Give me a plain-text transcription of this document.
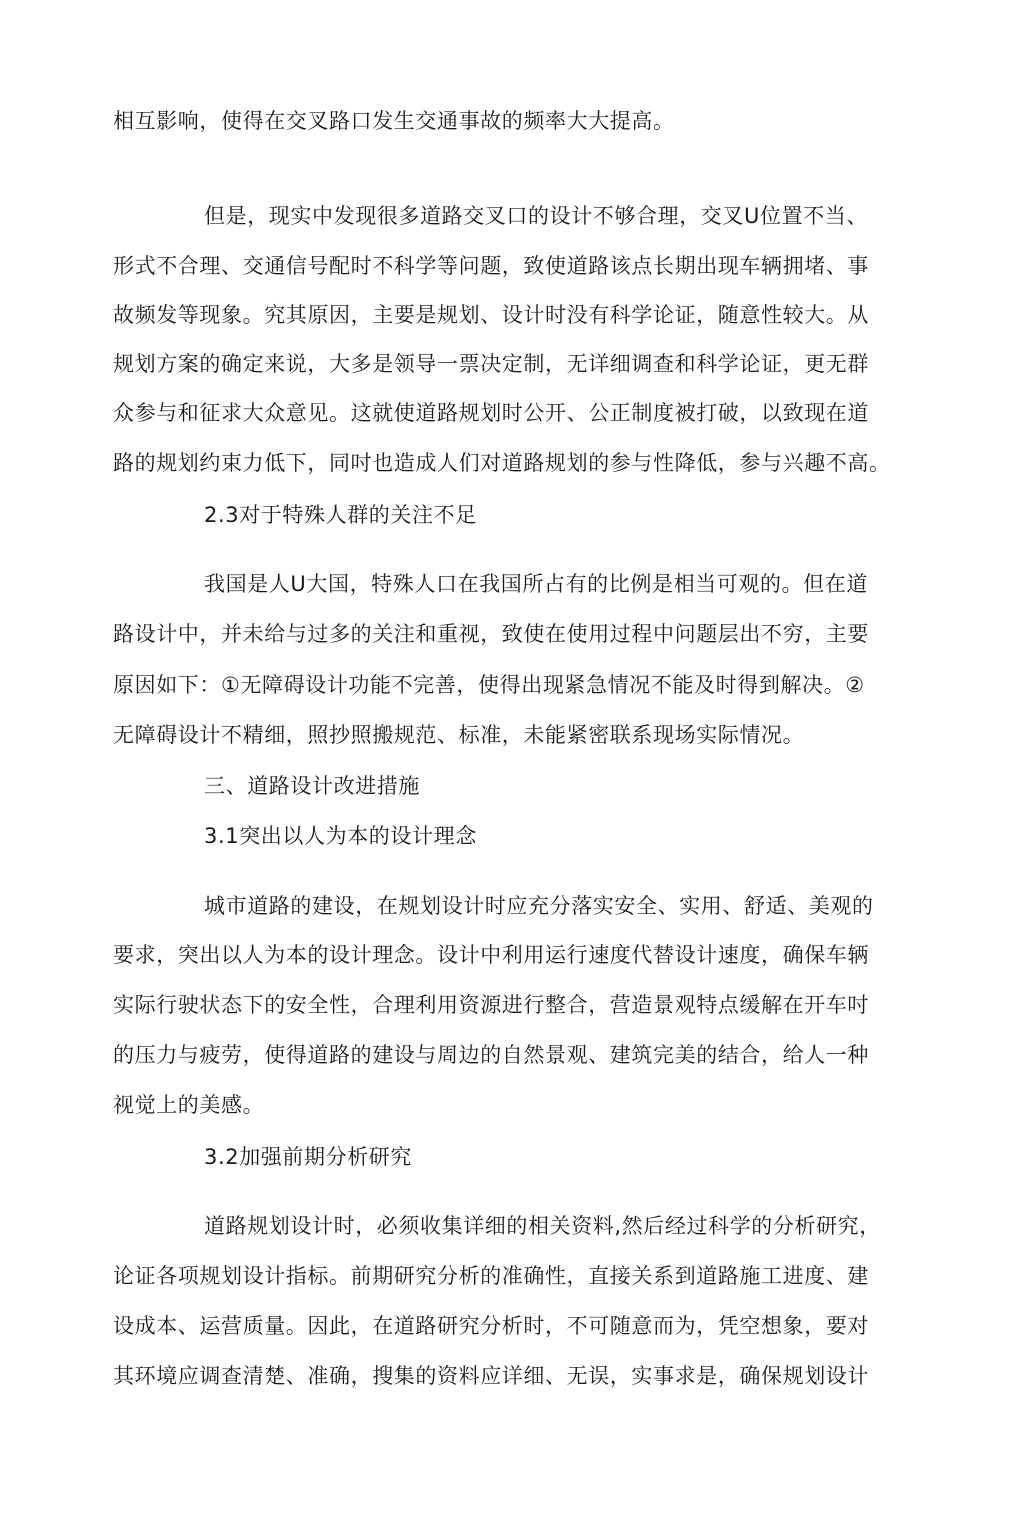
相互影响，使得在交叉路口发生交通事故的频率大大提高。
但是，现实中发现很多道路交叉口的设计不够合理，交叉U位置不当、
形式不合理、交通信号配时不科学等问题，致使道路该点长期出现车辆拥堵、事
故频发等现象。究其原因，主要是规划、设计时没有科学论证，随意性较大。从
规划方案的确定来说，大多是领导一票决定制，无详细调查和科学论证，更无群
众参与和征求大众意见。这就使道路规划时公开、公正制度被打破，以致现在道
路的规划约束力低下，同吋也造成人们对道路规划的参与性降低，参与兴趣不高。
2.3对于特殊人群的关注不足
我国是人U大国，特殊人口在我国所占有的比例是相当可观的。但在道
路设计中，并未给与过多的关注和重视，致使在使用过程中问题层出不穷，主要
原因如下：①无障碍设计功能不完善，使得出现紧急情况不能及时得到解决。②
无障碍设计不精细，照抄照搬规范、标准，未能紧密联系现场实际情况。
三、道路设计改进措施
3.1突出以人为本的设计理念
城市道路的建设，在规划设计时应充分落实安全、实用、舒适、美观的
要求，突出以人为本的设计理念。设计中利用运行速度代替设计速度，确保车辆
实际行驶状态下的安全性，合理利用资源进行整合，营造景观特点缓解在开车吋
的压力与疲劳，使得道路的建设与周边的自然景观、建筑完美的结合，给人一种
视觉上的美感。
3.2加强前期分析研究
道路规划设计时，必须收集详细的相关资料,然后经过科学的分析研究，
论证各项规划设计指标。前期研究分析的准确性，直接关系到道路施工进度、建
设成本、运营质量。因此，在道路研究分析时，不可随意而为，凭空想象，要对
其环境应调查清楚、准确，搜集的资料应详细、无误，实事求是，确保规划设计
